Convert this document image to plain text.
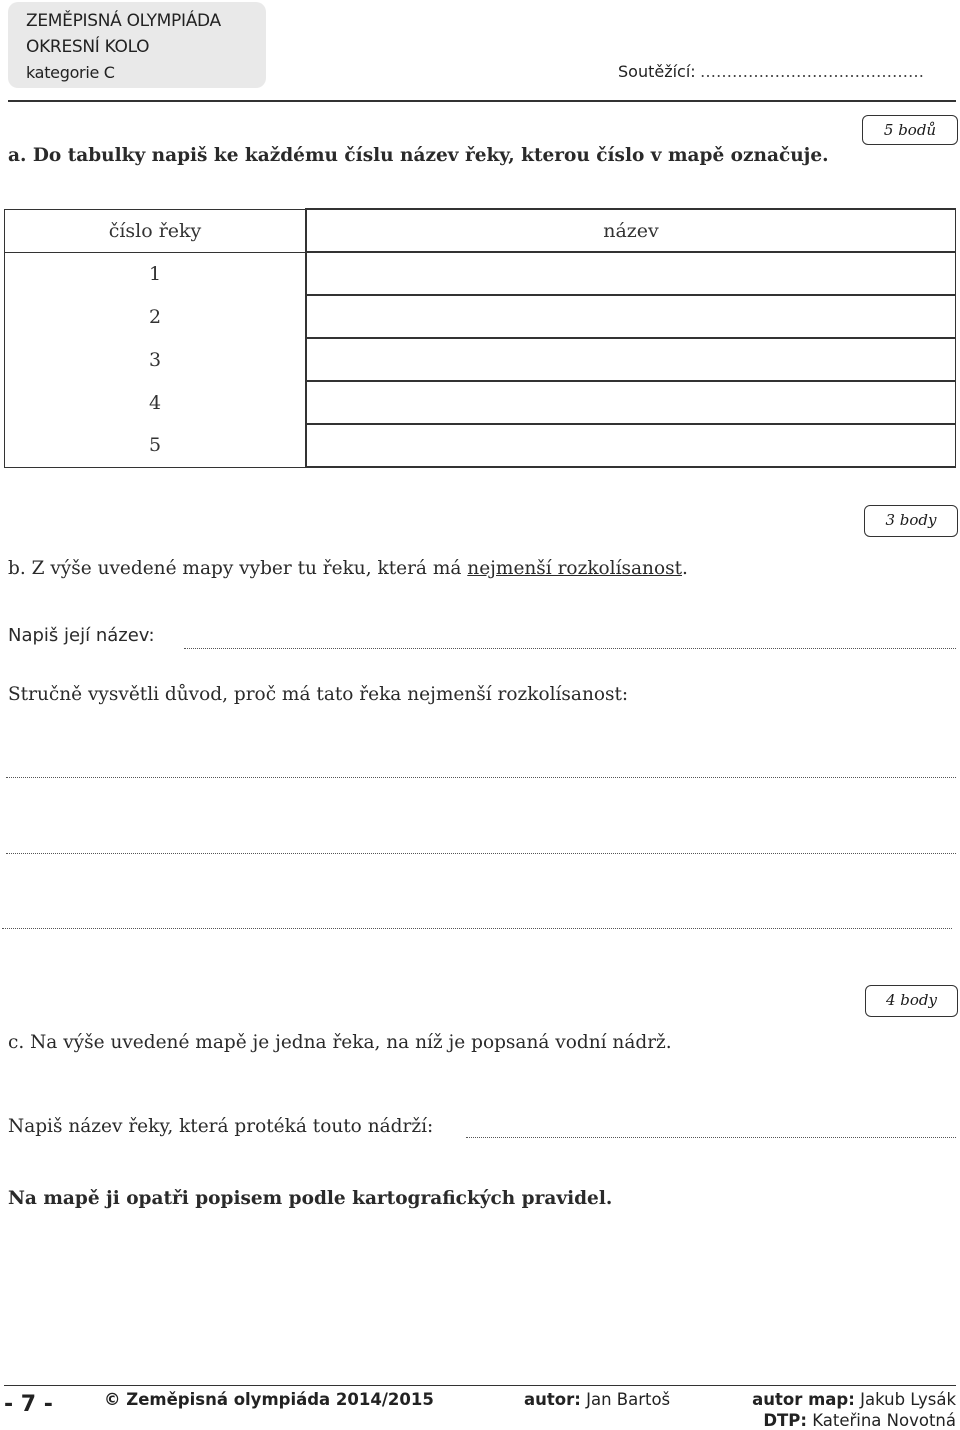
ZEMĚPISNÁ OLYMPIÁDA
OKRESNÍ KOLO
kategorie C	Soutěžící: ……………………………………
5 bodů
a. Do tabulky napiš ke každému číslu název řeky, kterou číslo v mapě označuje.
číslo řeky	název
1	
2	
3	
4	
5	
3 body
b. Z výše uvedené mapy vyber tu řeku, která má nejmenší rozkolísanost.
Napiš její název:
Stručně vysvětli důvod, proč má tato řeka nejmenší rozkolísanost:
4 body
c. Na výše uvedené mapě je jedna řeka, na níž je popsaná vodní nádrž.
Napiš název řeky, která protéká touto nádrží:
Na mapě ji opatři popisem podle kartografických pravidel.
- 7 -	© Zeměpisná olympiáda 2014/2015	autor: Jan Bartoš	autor map: Jakub Lysák
DTP: Kateřina Novotná
